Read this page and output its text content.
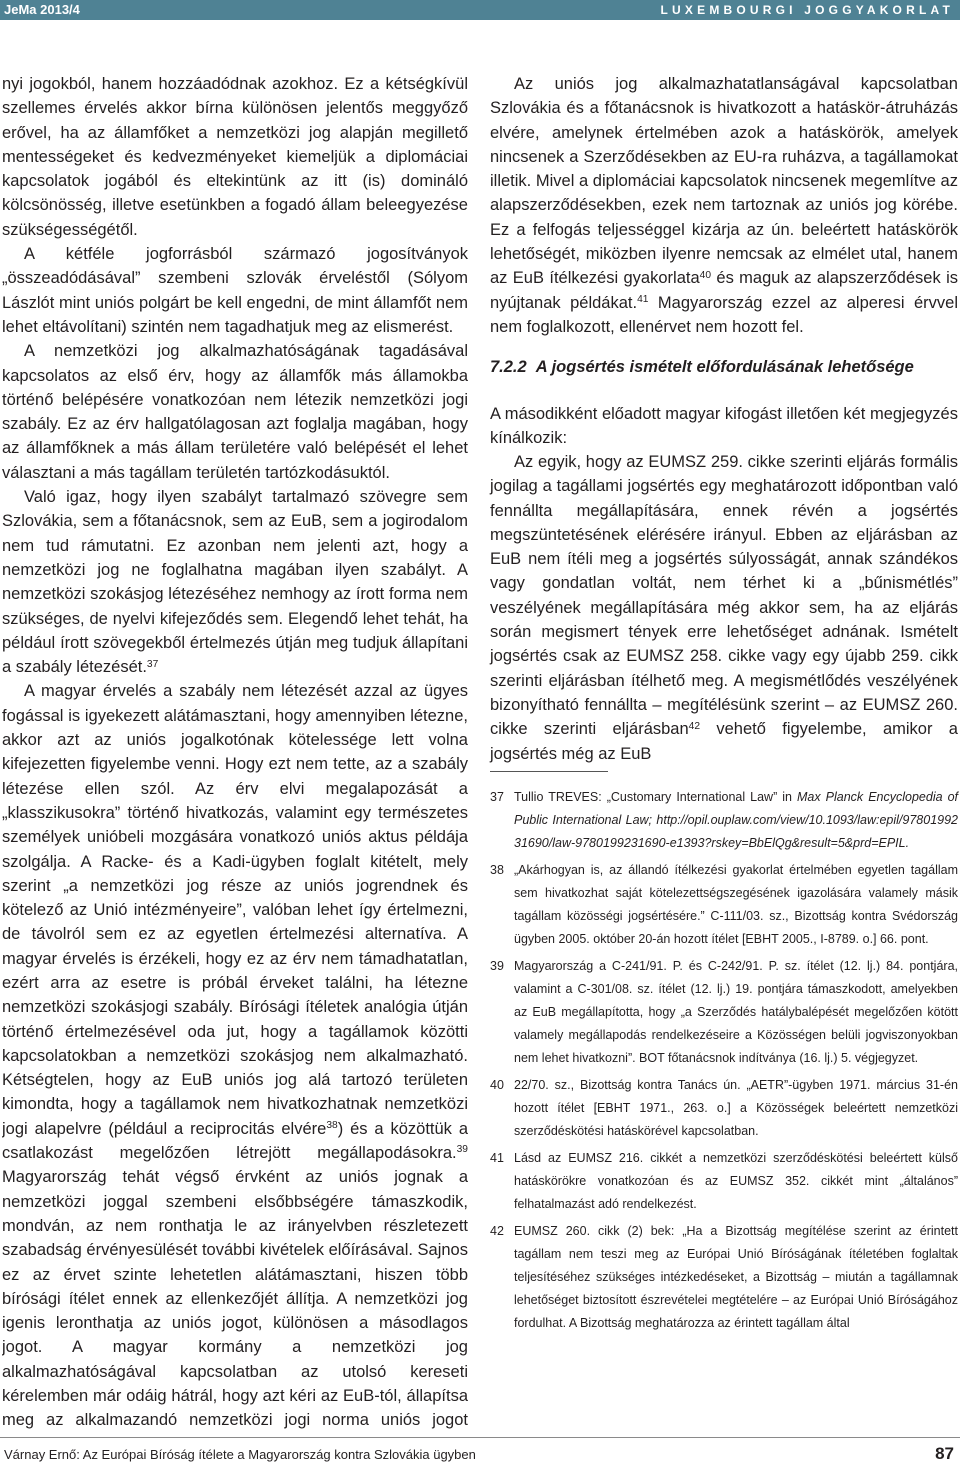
JeMa 2013/4	LUXEMBOURGI JOGGYAKORLAT

nyi jogokból, hanem hozzáadódnak azokhoz. Ez a kétségkívül szellemes érvelés akkor bírna különösen jelentős meggyőző erővel, ha az államfőket a nemzetközi jog alapján megillető mentességeket és kedvezményeket kiemeljük a diplomáciai kapcsolatok jogából és eltekintünk az itt (is) domináló kölcsönösség, illetve esetünkben a fogadó állam beleegyezése szükségességétől.

A kétféle jogforrásból származó jogosítványok „összeadódásával” szembeni szlovák érveléstől (Sólyom Lászlót mint uniós polgárt be kell engedni, de mint államfőt nem lehet eltávolítani) szintén nem tagadhatjuk meg az elismerést.

A nemzetközi jog alkalmazhatóságának tagadásával kapcsolatos az első érv, hogy az államfők más államokba történő belépésére vonatkozóan nem létezik nemzetközi jogi szabály. Ez az érv hallgatólagosan azt foglalja magában, hogy az államfőknek a más állam területére való belépését el lehet választani a más tagállam területén tartózkodásuktól.

Való igaz, hogy ilyen szabályt tartalmazó szövegre sem Szlovákia, sem a főtanácsnok, sem az EuB, sem a jogirodalom nem tud rámutatni. Ez azonban nem jelenti azt, hogy a nemzetközi jog ne foglalhatna magában ilyen szabályt. A nemzetközi szokásjog létezéséhez nemhogy az írott forma nem szükséges, de nyelvi kifejeződés sem. Elegendő lehet tehát, ha például írott szövegekből értelmezés útján meg tudjuk állapítani a szabály létezését.$^{37}$

A magyar érvelés a szabály nem létezését azzal az ügyes fogással is igyekezett alátámasztani, hogy amennyiben létezne, akkor azt az uniós jogalkotónak kötelessége lett volna kifejezetten figyelembe venni. Hogy ezt nem tette, az a szabály létezése ellen szól. Az érv elvi megalapozását a „klasszikusokra” történő hivatkozás, valamint egy természetes személyek unióbeli mozgására vonatkozó uniós aktus példája szolgálja. A Racke- és a Kadi-ügyben foglalt kitételt, mely szerint „a nemzetközi jog része az uniós jogrendnek és kötelező az Unió intézményeire”, valóban lehet így értelmezni, de távolról sem ez az egyetlen értelmezési alternatíva. A magyar érvelés is érzékeli, hogy ez az érv nem támadhatatlan, ezért arra az esetre is próbál érveket találni, ha létezne nemzetközi szokásjogi szabály. Bírósági ítéletek analógia útján történő értelmezésével oda jut, hogy a tagállamok közötti kapcsolatokban a nemzetközi szokásjog nem alkalmazható. Kétségtelen, hogy az EuB uniós jog alá tartozó területen kimondta, hogy a tagállamok nem hivatkozhatnak nemzetközi jogi alapelvre (például a reciprocitás elvére$^{38}$) és a közöttük a csatlakozást megelőzően létrejött megállapodásokra.$^{39}$ Magyarország tehát végső érvként az uniós jognak a nemzetközi joggal szembeni elsőbbségére támaszkodik, mondván, az nem ronthatja le az irányelvben részletezett szabadság érvényesülését további kivételek előírásával. Sajnos ez az érvet szinte lehetetlen alátámasztani, hiszen több bírósági ítélet ennek az ellenkezőjét állítja. A nemzetközi jog igenis leronthatja az uniós jogot, különösen a másodlagos jogot. A magyar kormány a nemzetközi jog alkalmazhatóságával kapcsolatban az utolsó kereseti kérelemben már odáig hátrál, hogy azt kéri az EuB-tól, állapítsa meg az alkalmazandó nemzetközi jogi norma uniós jogot

Az uniós jog alkalmazhatatlanságával kapcsolatban Szlovákia és a főtanácsnok is hivatkozott a hatáskör-átruházás elvére, amelynek értelmében azok a hatáskörök, amelyek nincsenek a Szerződésekben az EU-ra ruházva, a tagállamokat illetik. Mivel a diplomáciai kapcsolatok nincsenek megemlítve az alapszerződésekben, ezek nem tartoznak az uniós jog körébe. Ez a felfogás teljességgel kizárja az ún. beleértett hatáskörök lehetőségét, miközben ilyenre nemcsak az elmélet utal, hanem az EuB ítélkezési gyakorlata$^{40}$ és maguk az alapszerződések is nyújtanak példákat.$^{41}$ Magyarország ezzel az alperesi érvvel nem foglalkozott, ellenérvet nem hozott fel.

7.2.2 A jogsértés ismételt előfordulásának lehetősége

A másodikként előadott magyar kifogást illetően két megjegyzés kínálkozik:

Az egyik, hogy az EUMSZ 259. cikke szerinti eljárás formális jogilag a tagállami jogsértés egy meghatározott időpontban való fennállta megállapítására, ennek révén a jogsértés megszüntetésének elérésére irányul. Ebben az eljárásban az EuB nem ítéli meg a jogsértés súlyosságát, annak szándékos vagy gondatlan voltát, nem térhet ki a „bűnismétlés” veszélyének megállapítására még akkor sem, ha az eljárás során megismert tények erre lehetőséget adnának. Ismételt jogsértés csak az EUMSZ 258. cikke vagy egy újabb 259. cikk szerinti eljárásban ítélhető meg. A megismétlődés veszélyének bizonyítható fennállta – megítélésünk szerint – az EUMSZ 260. cikke szerinti eljárásban$^{42}$ vehető figyelembe, amikor a jogsértés még az EuB

37 Tullio TREVES: „Customary International Law” in Max Planck Encyclopedia of Public International Law; http://opil.ouplaw.com/view/10.1093/law:epil/9780199231690/law-9780199231690-e1393?rskey=BbElQg&result=5&prd=EPIL.
38 „Akárhogyan is, az állandó ítélkezési gyakorlat értelmében egyetlen tagállam sem hivatkozhat saját kötelezettségszegésének igazolására valamely másik tagállam közösségi jogsértésére.” C-111/03. sz., Bizottság kontra Svédország ügyben 2005. október 20-án hozott ítélet [EBHT 2005., I-8789. o.] 66. pont.
39 Magyarország a C-241/91. P. és C-242/91. P. sz. ítélet (12. lj.) 84. pontjára, valamint a C-301/08. sz. ítélet (12. lj.) 19. pontjára támaszkodott, amelyekben az EuB megállapította, hogy „a Szerződés hatálybalépését megelőzően kötött valamely megállapodás rendelkezéseire a Közösségen belüli jogviszonyokban nem lehet hivatkozni”. BOT főtanácsnok indítványa (16. lj.) 5. végjegyzet.
40 22/70. sz., Bizottság kontra Tanács ún. „AETR”-ügyben 1971. március 31-én hozott ítélet [EBHT 1971., 263. o.] a Közösségek beleértett nemzetközi szerződéskötési hatáskörével kapcsolatban.
41 Lásd az EUMSZ 216. cikkét a nemzetközi szerződéskötési beleértett külső hatáskörökre vonatkozóan és az EUMSZ 352. cikkét mint „általános” felhatalmazást adó rendelkezést.
42 EUMSZ 260. cikk (2) bek: „Ha a Bizottság megítélése szerint az érintett tagállam nem teszi meg az Európai Unió Bíróságának ítéletében foglaltak teljesítéséhez szükséges intézkedéseket, a Bizottság – miután a tagállamnak lehetőséget biztosított észrevételei megtételére – az Európai Unió Bíróságához fordulhat. A Bizottság meghatározza az érintett tagállam által
Várnay Ernő: Az Európai Bíróság ítélete a Magyarország kontra Szlovákia ügyben	87
